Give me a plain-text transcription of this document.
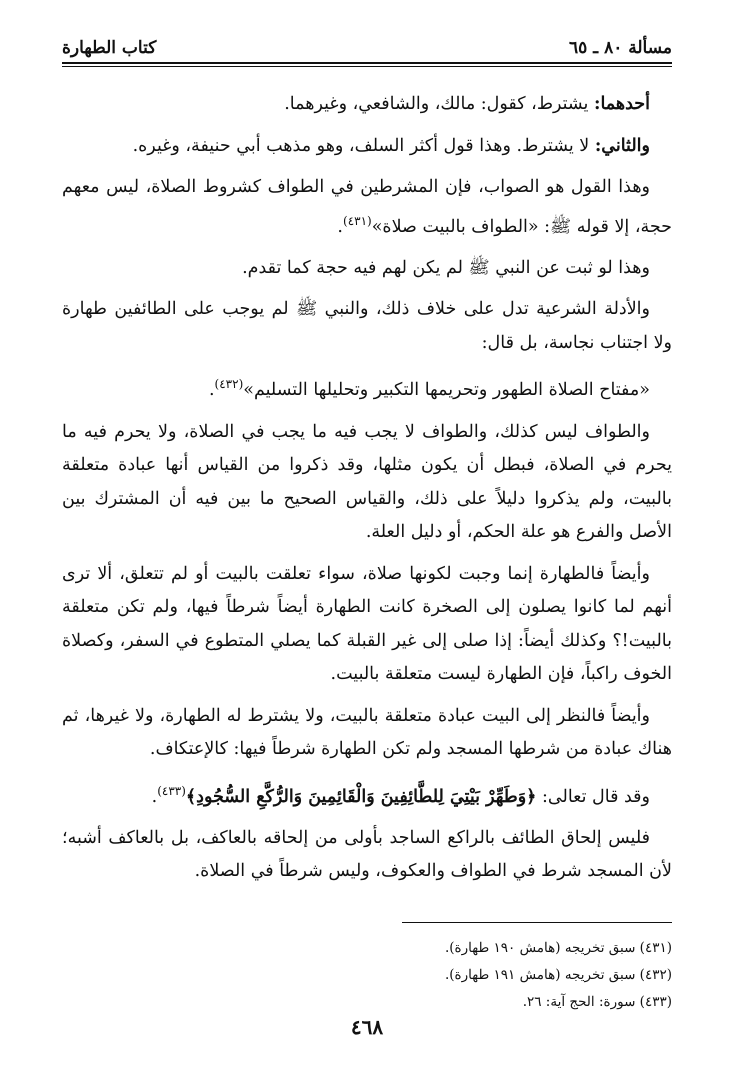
مسألة ٨٠ ـ ٦٥
كتاب الطهارة

أحدهما: يشترط، كقول: مالك، والشافعي، وغيرهما.

والثاني: لا يشترط. وهذا قول أكثر السلف، وهو مذهب أبي حنيفة، وغيره.

وهذا القول هو الصواب، فإن المشرطين في الطواف كشروط الصلاة، ليس معهم حجة، إلا قوله ﷺ: «الطواف بالبيت صلاة»$^{(٤٣١)}$.

وهذا لو ثبت عن النبي ﷺ لم يكن لهم فيه حجة كما تقدم.

والأدلة الشرعية تدل على خلاف ذلك، والنبي ﷺ لم يوجب على الطائفين طهارة ولا اجتناب نجاسة، بل قال:

«مفتاح الصلاة الطهور وتحريمها التكبير وتحليلها التسليم»$^{(٤٣٢)}$.

والطواف ليس كذلك، والطواف لا يجب فيه ما يجب في الصلاة، ولا يحرم فيه ما يحرم في الصلاة، فبطل أن يكون مثلها، وقد ذكروا من القياس أنها عبادة متعلقة بالبيت، ولم يذكروا دليلاً على ذلك، والقياس الصحيح ما بين فيه أن المشترك بين الأصل والفرع هو علة الحكم، أو دليل العلة.

وأيضاً فالطهارة إنما وجبت لكونها صلاة، سواء تعلقت بالبيت أو لم تتعلق، ألا ترى أنهم لما كانوا يصلون إلى الصخرة كانت الطهارة أيضاً شرطاً فيها، ولم تكن متعلقة بالبيت!؟ وكذلك أيضاً: إذا صلى إلى غير القبلة كما يصلي المتطوع في السفر، وكصلاة الخوف راكباً، فإن الطهارة ليست متعلقة بالبيت.

وأيضاً فالنظر إلى البيت عبادة متعلقة بالبيت، ولا يشترط له الطهارة، ولا غيرها، ثم هناك عبادة من شرطها المسجد ولم تكن الطهارة شرطاً فيها: كالإعتكاف.

وقد قال تعالى: ﴿وَطَهِّرْ بَيْتِيَ لِلطَّائِفِينَ وَالْقَائِمِينَ وَالرُّكَّعِ السُّجُودِ﴾$^{(٤٣٣)}$.

فليس إلحاق الطائف بالراكع الساجد بأولى من إلحاقه بالعاكف، بل بالعاكف أشبه؛ لأن المسجد شرط في الطواف والعكوف، وليس شرطاً في الصلاة.

(٤٣١) سبق تخريجه (هامش ١٩٠ طهارة).
(٤٣٢) سبق تخريجه (هامش ١٩١ طهارة).
(٤٣٣) سورة: الحج آية: ٢٦.
٤٦٨
